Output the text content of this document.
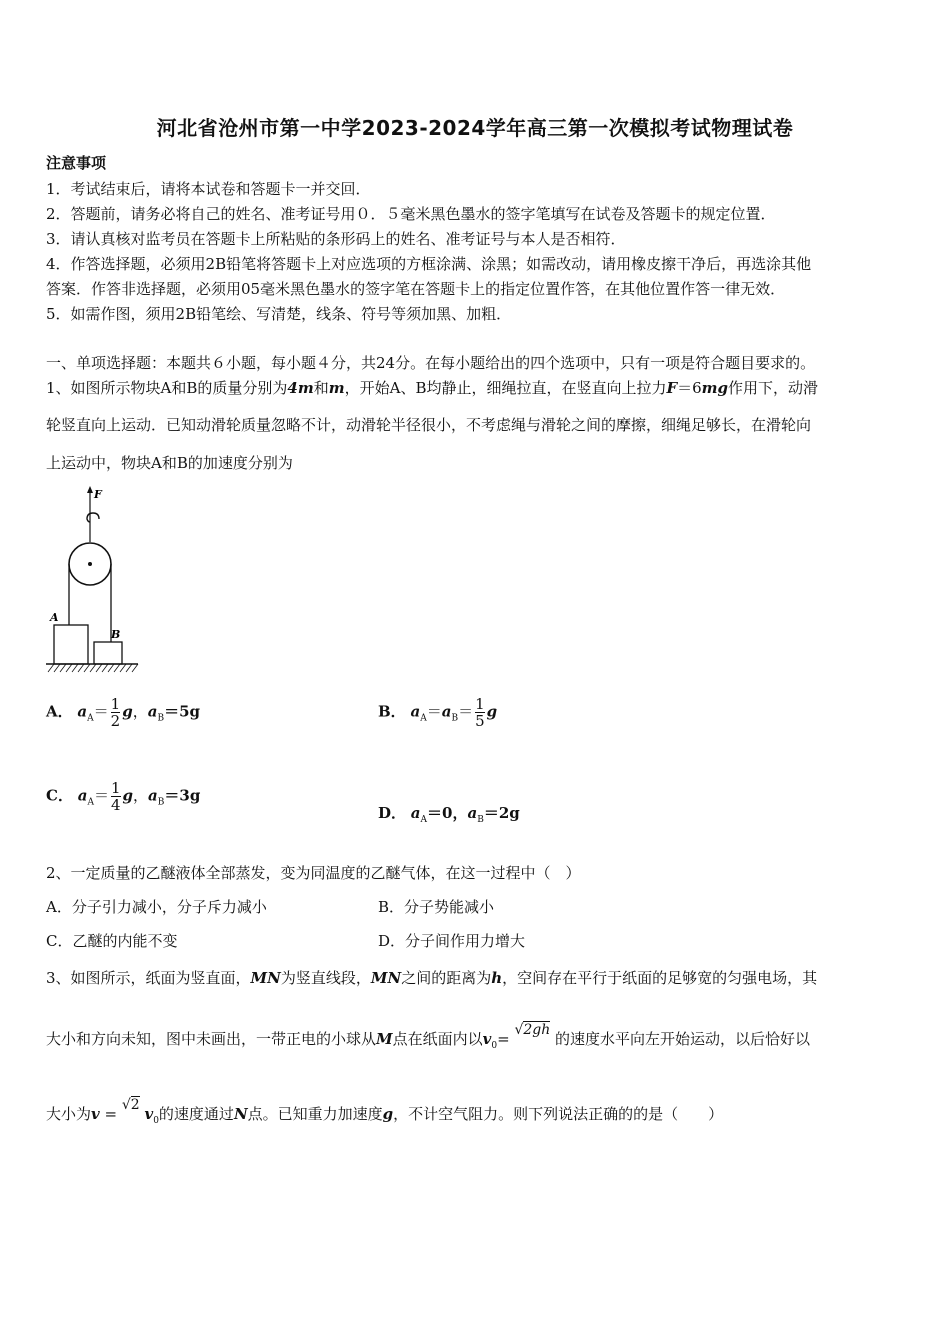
河北省沧州市第一中学2023-2024学年高三第一次模拟考试物理试卷
注意事项
1．考试结束后，请将本试卷和答题卡一并交回．
2．答题前，请务必将自己的姓名、准考证号用０．５毫米黑色墨水的签字笔填写在试卷及答题卡的规定位置．
3．请认真核对监考员在答题卡上所粘贴的条形码上的姓名、准考证号与本人是否相符．
4．作答选择题，必须用2B铅笔将答题卡上对应选项的方框涂满、涂黑；如需改动，请用橡皮擦干净后，再选涂其他
答案．作答非选择题，必须用05毫米黑色墨水的签字笔在答题卡上的指定位置作答，在其他位置作答一律无效．
5．如需作图，须用2B铅笔绘、写清楚，线条、符号等须加黑、加粗．
一、单项选择题：本题共６小题，每小题４分，共24分。在每小题给出的四个选项中，只有一项是符合题目要求的。
1、如图所示物块A和B的质量分别为4m和m，开始A、B均静止，细绳拉直，在竖直向上拉力F＝6mg作用下，动滑
轮竖直向上运动．已知动滑轮质量忽略不计，动滑轮半径很小，不考虑绳与滑轮之间的摩擦，细绳足够长，在滑轮向
上运动中，物块A和B的加速度分别为
F
A
B
A． $a_A= \frac{1}{2}$ g，$a_B=5g$	B． $a_A=a_B= \frac{1}{5}$ g
C． $a_A= \frac{1}{4}$ g，$a_B=3g$
D． $a_A=0$，$a_B=2g$
2、一定质量的乙醚液体全部蒸发，变为同温度的乙醚气体，在这一过程中（　）
A．分子引力减小，分子斥力减小	B．分子势能减小
C．乙醚的内能不变	D．分子间作用力增大
3、如图所示，纸面为竖直面，MN为竖直线段，MN之间的距离为h，空间存在平行于纸面的足够宽的匀强电场，其
大小和方向未知，图中未画出，一带正电的小球从M点在纸面内以$v_0= √2gh$ 的速度水平向左开始运动，以后恰好以
大小为v = √2 $v_0$的速度通过N点。已知重力加速度g，不计空气阻力。则下列说法正确的的是（　　）
